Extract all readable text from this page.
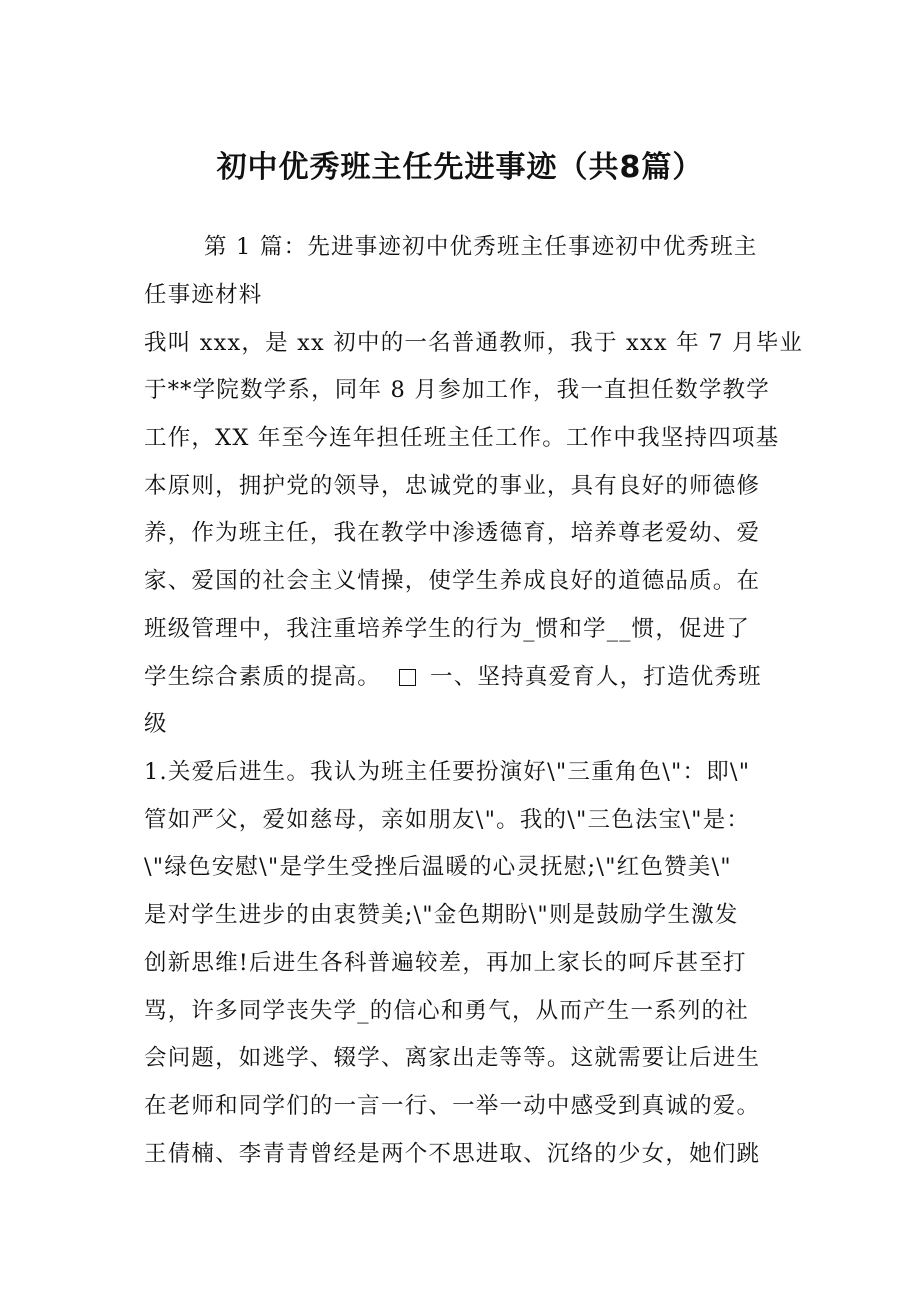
初中优秀班主任先进事迹（共8篇）
第 1 篇：先进事迹初中优秀班主任事迹初中优秀班主
任事迹材料
我叫 xxx，是 xx 初中的一名普通教师，我于 xxx 年 7 月毕业
于**学院数学系，同年 8 月参加工作，我一直担任数学教学
工作，XX 年至今连年担任班主任工作。工作中我坚持四项基
本原则，拥护党的领导，忠诚党的事业，具有良好的师德修
养，作为班主任，我在教学中渗透德育，培养尊老爱幼、爱
家、爱国的社会主义情操，使学生养成良好的道德品质。在
班级管理中，我注重培养学生的行为_惯和学__惯，促进了
学生综合素质的提高。 一、坚持真爱育人，打造优秀班
级
1.关爱后进生。我认为班主任要扮演好\"三重角色\"：即\"
管如严父，爱如慈母，亲如朋友\"。我的\"三色法宝\"是：
\"绿色安慰\"是学生受挫后温暖的心灵抚慰;\"红色赞美\"
是对学生进步的由衷赞美;\"金色期盼\"则是鼓励学生激发
创新思维!后进生各科普遍较差，再加上家长的呵斥甚至打
骂，许多同学丧失学_的信心和勇气，从而产生一系列的社
会问题，如逃学、辍学、离家出走等等。这就需要让后进生
在老师和同学们的一言一行、一举一动中感受到真诚的爱。
王倩楠、李青青曾经是两个不思进取、沉络的少女，她们跳
